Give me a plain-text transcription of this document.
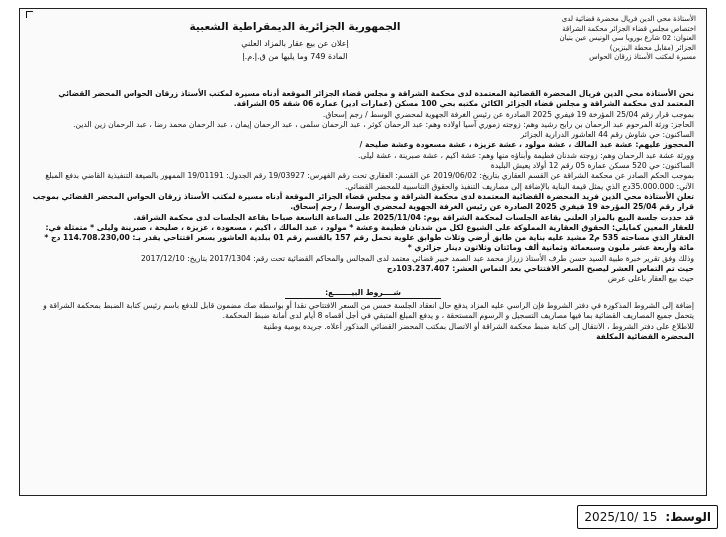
الأستاذة محي الدين فريال محضرة قضائية لدى
اختصاص مجلس قضاء الجزائر محكمة الشراقة
العنوان: 02 شارع بورويا سي الونيس عين بنيان
الجزائر (مقابل محطة البنزين)
مسيرة لمكتب الأستاذ زرقان الحواس
الجمهورية الجزائرية الديمقراطية الشعبية
إعلان عن بيع عقار بالمزاد العلني
المادة 749 وما يليها من ق.إ.م.إ

نحن الأستاذة محي الدين فريال المحضرة القضائية المعتمدة لدى محكمة الشراقة و مجلس قضاء الجزائر الموقعة أدناه مسيرة لمكتب الأستاذ زرقان الحواس المحضر القضائي المعتمد لدى محكمة الشراقة و مجلس قضاء الجزائر الكائن مكتبه بحي 100 مسكن (عمارات ادير) عمارة 06 شقة 05 الشراقة.

بموجب قرار رقم 25/04 المؤرخة 19 فيفري 2025 الصادرة عن رئيس الغرفة الجهوية لمحضري الوسط / رجم إسحاق.

الحاجز: ورثة المرحوم عبد الرحمان بن رابح رشيد وهم: زوجته زموري آسيا اولاده وهم: عبد الرحمان كوثر ، عبد الرحمان سلمى ، عبد الرحمان إيمان ، عبد الرحمان محمد رضا ، عبد الرحمان زين الدين.

الساكنون: حي شاوش رقم 44 العاشور الدرارية الجزائر

المحجوز عليهم: عشة عبد المالك ، عشة مولود ، عشة عزيزة ، عشة مسعودة وعشة صليحة /

وورثة عشة عبد الرحمان وهم: زوجته شدنان فطيمة وأبناؤه منها وهم: عشة اكيم ، عشة صبرينة ، عشة ليلى.

الساكنون: حي 520 مسكن عمارة 05 رقم 12 أولاد يعيش البليدة

بموجب الحكم الصادر عن محكمة الشراقة عن القسم العقاري بتاريخ: 2019/06/02 عن القسم: العقاري تحت رقم الفهرس: 19/03927 رقم الجدول: 19/01191 الممهور بالصيغة التنفيذية القاضي بدفع المبلغ الآتي: 35.000.000دج الذي يمثل قيمة البناية بالإضافة إلى مصاريف التنفيذ والحقوق التناسبية للمحضر القضائي.

تعلن الأستاذة محي الدين فريد المحضرة القضائية المعتمدة لدى محكمة الشراقة و مجلس قضاء الجزائر الموقعة أدناه مسيرة لمكتب الأستاذ زرقان الحواس المحضر القضائي بموجب قرار رقم 25/04 المؤرخة 19 فيفري 2025 الصادرة عن رئيس الغرفة الجهوية لمحضري الوسط / رجم إسحاق.

قد حددت جلسة البيع بالمزاد العلني بقاعة الجلسات لمحكمة الشراقة يوم: 2025/11/04 على الساعة التاسعة صباحا بقاعة الجلسات لدى محكمة الشراقة.

للعقار المعين كمايلي: الحقوق العقارية المملوكة على الشيوع لكل من شدنان فطيمة وعشة * مولود ، عبد المالك ، اكيم ، مسعودة ، عزيزة ، صليحة ، صبرينة وليلى * متمثلة في: العقار الذي مساحته 535 م2 مشيد عليه بناية من طابق أرضي وثلاث طوابق علوية تحمل رقم 157 بالقسم رقم 01 ببلدية العاشور بسعر افتتاحي يقدر بـ: 114.708.230,00 دج * مائة وأربعة عشر مليون وسبعمائة وثمانية ألف ومائتان وثلاثون دينار جزائري *

وذلك وفق تقرير خبرة طبية السيد حسن طرف الأستاذ زرزاز محمد عبد الصمد خبير قضائي معتمد لدى المجالس والمحاكم القضائية تحت رقم: 2017/1304 بتاريخ: 2017/12/10

حيث تم التماس العشر ليصبح السعر الافتتاحي بعد التماس العشر: 103.237.407دج

حيث بيع العقار باعلى عرض

شــــروط البيـــــــع:

إضافة إلى الشروط المذكورة في دفتر الشروط فإن الراسي عليه المزاد يدفع حال انعقاد الجلسة خمس من السعر الافتتاحي نقدا أو بواسطة صك مضمون قابل للدفع باسم رئيس كتابة الضبط بمحكمة الشراقة و يتحمل جميع المصاريف القضائية بما فيها مصاريف التسجيل و الرسوم المستحقة ، و يدفع المبلغ المتبقي في أجل أقصاه 8 أيام لدى أمانة ضبط المحكمة.

للاطلاع على دفتر الشروط ، الانتقال إلى كتابة ضبط محكمة الشراقة أو الاتصال بمكتب المحضر القضائي المذكور أعلاه. جريدة يومية وطنية

المحضرة القضائية المكلفة

2025/10/ 15 الوسط:
